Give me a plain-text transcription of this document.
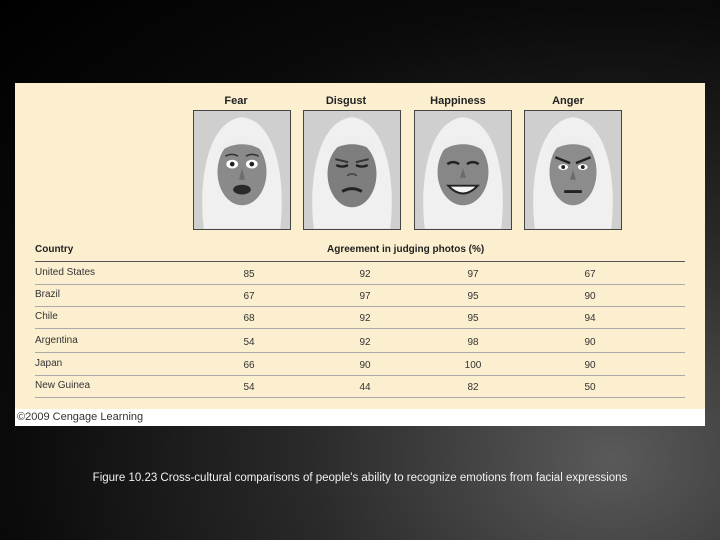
Fear	Disgust	Happiness	Anger
Country	Agreement in judging photos (%)
United States	85	92	97	67
Brazil	67	97	95	90
Chile	68	92	95	94
Argentina	54	92	98	90
Japan	66	90	100	90
New Guinea	54	44	82	50
©2009 Cengage Learning
Figure 10.23 Cross-cultural comparisons of people's ability to recognize emotions from facial expressions
